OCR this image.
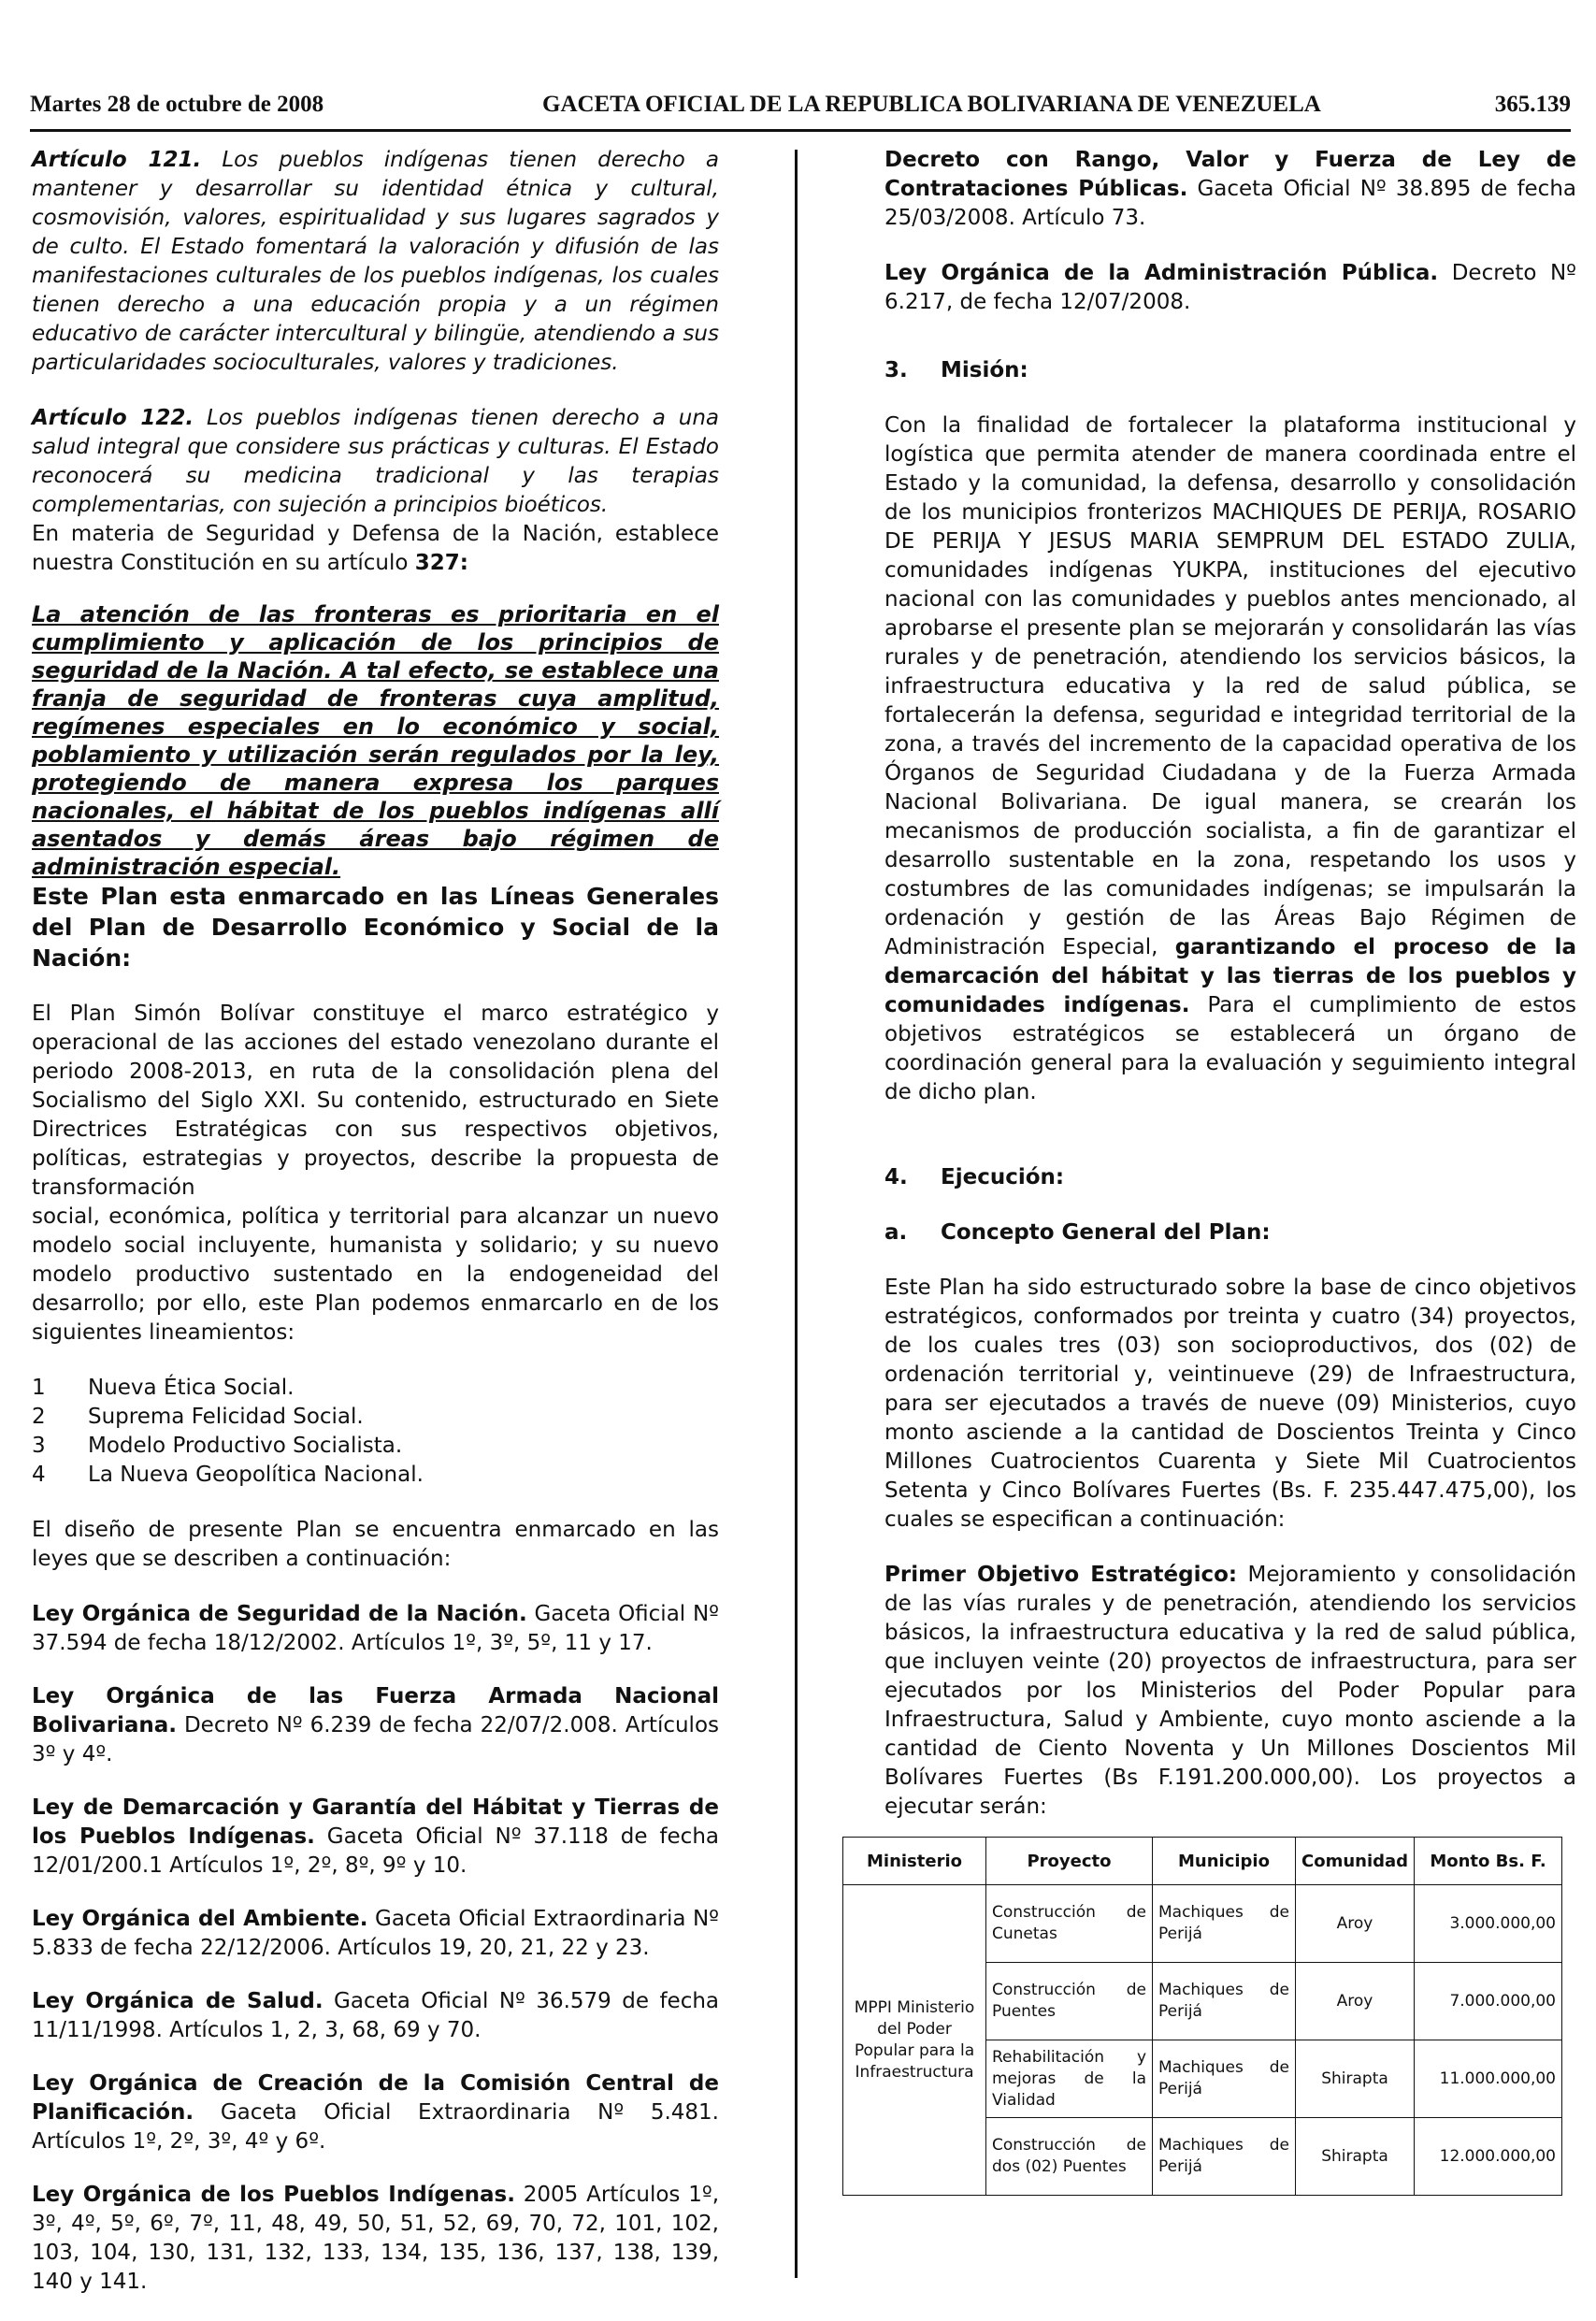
Martes 28 de octubre de 2008	GACETA OFICIAL DE LA REPUBLICA BOLIVARIANA DE VENEZUELA	365.139

Artículo 121. Los pueblos indígenas tienen derecho a mantener y desarrollar su identidad étnica y cultural, cosmovisión, valores, espiritualidad y sus lugares sagrados y de culto. El Estado fomentará la valoración y difusión de las manifestaciones culturales de los pueblos indígenas, los cuales tienen derecho a una educación propia y a un régimen educativo de carácter intercultural y bilingüe, atendiendo a sus particularidades socioculturales, valores y tradiciones.

Artículo 122. Los pueblos indígenas tienen derecho a una salud integral que considere sus prácticas y culturas. El Estado reconocerá su medicina tradicional y las terapias complementarias, con sujeción a principios bioéticos.
En materia de Seguridad y Defensa de la Nación, establece nuestra Constitución en su artículo 327:

La atención de las fronteras es prioritaria en el cumplimiento y aplicación de los principios de seguridad de la Nación. A tal efecto, se establece una franja de seguridad de fronteras cuya amplitud, regímenes especiales en lo económico y social, poblamiento y utilización serán regulados por la ley, protegiendo de manera expresa los parques nacionales, el hábitat de los pueblos indígenas allí asentados y demás áreas bajo régimen de administración especial.

Este Plan esta enmarcado en las Líneas Generales del Plan de Desarrollo Económico y Social de la Nación:

El Plan Simón Bolívar constituye el marco estratégico y operacional de las acciones del estado venezolano durante el periodo 2008-2013, en ruta de la consolidación plena del Socialismo del Siglo XXI. Su contenido, estructurado en Siete Directrices Estratégicas con sus respectivos objetivos, políticas, estrategias y proyectos, describe la propuesta de transformación

social, económica, política y territorial para alcanzar un nuevo modelo social incluyente, humanista y solidario; y su nuevo modelo productivo sustentado en la endogeneidad del desarrollo; por ello, este Plan podemos enmarcarlo en de los siguientes lineamientos:

1	Nueva Ética Social.
2	Suprema Felicidad Social.
3	Modelo Productivo Socialista.
4	La Nueva Geopolítica Nacional.

El diseño de presente Plan se encuentra enmarcado en las leyes que se describen a continuación:

Ley Orgánica de Seguridad de la Nación. Gaceta Oficial Nº 37.594 de fecha 18/12/2002. Artículos 1º, 3º, 5º, 11 y 17.

Ley Orgánica de las Fuerza Armada Nacional Bolivariana. Decreto Nº 6.239 de fecha 22/07/2.008. Artículos 3º y 4º.

Ley de Demarcación y Garantía del Hábitat y Tierras de los Pueblos Indígenas. Gaceta Oficial Nº 37.118 de fecha 12/01/200.1 Artículos 1º, 2º, 8º, 9º y 10.

Ley Orgánica del Ambiente. Gaceta Oficial Extraordinaria Nº 5.833 de fecha 22/12/2006. Artículos 19, 20, 21, 22 y 23.

Ley Orgánica de Salud. Gaceta Oficial Nº 36.579 de fecha 11/11/1998. Artículos 1, 2, 3, 68, 69 y 70.

Ley Orgánica de Creación de la Comisión Central de Planificación. Gaceta Oficial Extraordinaria Nº 5.481. Artículos 1º, 2º, 3º, 4º y 6º.

Ley Orgánica de los Pueblos Indígenas. 2005 Artículos 1º, 3º, 4º, 5º, 6º, 7º, 11, 48, 49, 50, 51, 52, 69, 70, 72, 101, 102, 103, 104, 130, 131, 132, 133, 134, 135, 136, 137, 138, 139, 140 y 141.

Decreto con Rango, Valor y Fuerza de Ley de Contrataciones Públicas. Gaceta Oficial Nº 38.895 de fecha 25/03/2008. Artículo 73.

Ley Orgánica de la Administración Pública. Decreto Nº 6.217, de fecha 12/07/2008.

3.	Misión:

Con la finalidad de fortalecer la plataforma institucional y logística que permita atender de manera coordinada entre el Estado y la comunidad, la defensa, desarrollo y consolidación de los municipios fronterizos MACHIQUES DE PERIJA, ROSARIO DE PERIJA Y JESUS MARIA SEMPRUM DEL ESTADO ZULIA, comunidades indígenas YUKPA, instituciones del ejecutivo nacional con las comunidades y pueblos antes mencionado, al aprobarse el presente plan se mejorarán y consolidarán las vías rurales y de penetración, atendiendo los servicios básicos, la infraestructura educativa y la red de salud pública, se fortalecerán la defensa, seguridad e integridad territorial de la zona, a través del incremento de la capacidad operativa de los Órganos de Seguridad Ciudadana y de la Fuerza Armada Nacional Bolivariana. De igual manera, se crearán los mecanismos de producción socialista, a fin de garantizar el desarrollo sustentable en la zona, respetando los usos y costumbres de las comunidades indígenas; se impulsarán la ordenación y gestión de las Áreas Bajo Régimen de Administración Especial, garantizando el proceso de la demarcación del hábitat y las tierras de los pueblos y comunidades indígenas. Para el cumplimiento de estos objetivos estratégicos se establecerá un órgano de coordinación general para la evaluación y seguimiento integral de dicho plan.

4.	Ejecución:
a.	Concepto General del Plan:

Este Plan ha sido estructurado sobre la base de cinco objetivos estratégicos, conformados por treinta y cuatro (34) proyectos, de los cuales tres (03) son socioproductivos, dos (02) de ordenación territorial y, veintinueve (29) de Infraestructura, para ser ejecutados a través de nueve (09) Ministerios, cuyo monto asciende a la cantidad de Doscientos Treinta y Cinco Millones Cuatrocientos Cuarenta y Siete Mil Cuatrocientos Setenta y Cinco Bolívares Fuertes (Bs. F. 235.447.475,00), los cuales se especifican a continuación:

Primer Objetivo Estratégico: Mejoramiento y consolidación de las vías rurales y de penetración, atendiendo los servicios básicos, la infraestructura educativa y la red de salud pública, que incluyen veinte (20) proyectos de infraestructura, para ser ejecutados por los Ministerios del Poder Popular para Infraestructura, Salud y Ambiente, cuyo monto asciende a la cantidad de Ciento Noventa y Un Millones Doscientos Mil Bolívares Fuertes (Bs F.191.200.000,00). Los proyectos a ejecutar serán:

Ministerio	Proyecto	Municipio	Comunidad	Monto Bs. F.
MPPI Ministerio del Poder Popular para la Infraestructura	Construcción de Cunetas	Machiques de Perijá	Aroy	3.000.000,00
	Construcción de Puentes	Machiques de Perijá	Aroy	7.000.000,00
	Rehabilitación y mejoras de la Vialidad	Machiques de Perijá	Shirapta	11.000.000,00
	Construcción de dos (02) Puentes	Machiques de Perijá	Shirapta	12.000.000,00
